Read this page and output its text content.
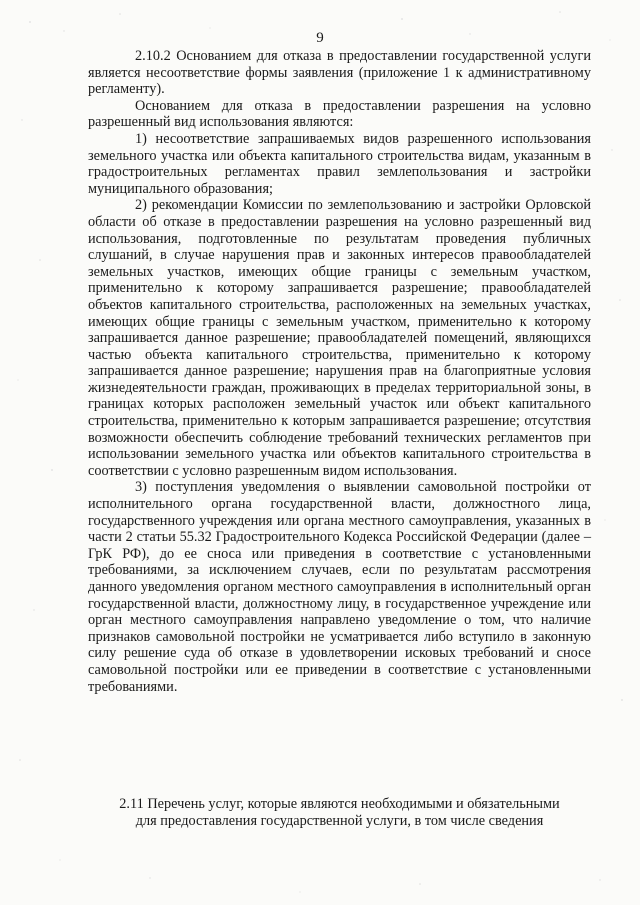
9

2.10.2 Основанием для отказа в предоставлении государственной услуги является несоответствие формы заявления (приложение 1 к административному регламенту).

Основанием для отказа в предоставлении разрешения на условно разрешенный вид использования являются:

1) несоответствие запрашиваемых видов разрешенного использования земельного участка или объекта капитального строительства видам, указанным в градостроительных регламентах правил землепользования и застройки муниципального образования;

2) рекомендации Комиссии по землепользованию и застройки Орловской области об отказе в предоставлении разрешения на условно разрешенный вид использования, подготовленные по результатам проведения публичных слушаний, в случае нарушения прав и законных интересов правообладателей земельных участков, имеющих общие границы с земельным участком, применительно к которому запрашивается разрешение; правообладателей объектов капитального строительства, расположенных на земельных участках, имеющих общие границы с земельным участком, применительно к которому запрашивается данное разрешение; правообладателей помещений, являющихся частью объекта капитального строительства, применительно к которому запрашивается данное разрешение; нарушения прав на благоприятные условия жизнедеятельности граждан, проживающих в пределах территориальной зоны, в границах которых расположен земельный участок или объект капитального строительства, применительно к которым запрашивается разрешение; отсутствия возможности обеспечить соблюдение требований технических регламентов при использовании земельного участка или объектов капитального строительства в соответствии с условно разрешенным видом использования.

3) поступления уведомления о выявлении самовольной постройки от исполнительного органа государственной власти, должностного лица, государственного учреждения или органа местного самоуправления, указанных в части 2 статьи 55.32 Градостроительного Кодекса Российской Федерации (далее – ГрК РФ), до ее сноса или приведения в соответствие с установленными требованиями, за исключением случаев, если по результатам рассмотрения данного уведомления органом местного самоуправления в исполнительный орган государственной власти, должностному лицу, в государственное учреждение или орган местного самоуправления направлено уведомление о том, что наличие признаков самовольной постройки не усматривается либо вступило в законную силу решение суда об отказе в удовлетворении исковых требований и сносе самовольной постройки или ее приведении в соответствие с установленными требованиями.

2.11 Перечень услуг, которые являются необходимыми и обязательными
для предоставления государственной услуги, в том числе сведения
